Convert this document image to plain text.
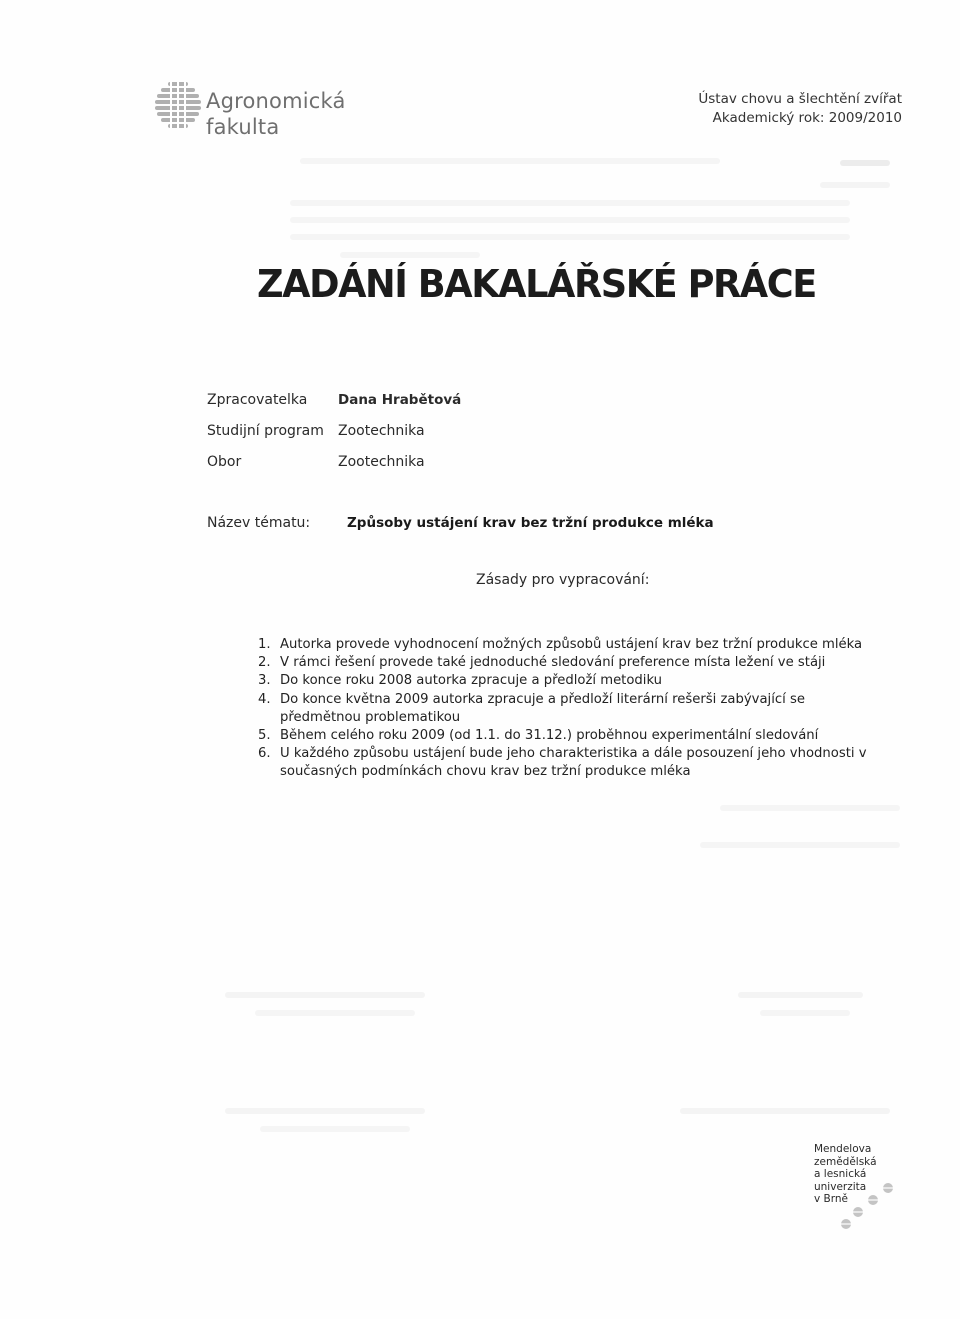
Agronomická
fakulta
Ústav chovu a šlechtění zvířat
Akademický rok: 2009/2010
ZADÁNÍ BAKALÁŘSKÉ PRÁCE
Zpracovatelka Dana Hrabětová
Studijní program Zootechnika
Obor	Zootechnika
Název tématu:	Způsoby ustájení krav bez tržní produkce mléka
Zásady pro vypracování:
1. Autorka provede vyhodnocení možných způsobů ustájení krav bez tržní produkce mléka
2. V rámci řešení provede také jednoduché sledování preference místa ležení ve stáji
3. Do konce roku 2008 autorka zpracuje a předloží metodiku
4. Do konce května 2009 autorka zpracuje a předloží literární rešerši zabývající se předmětnou problematikou
5. Během celého roku 2009 (od 1.1. do 31.12.) proběhnou experimentální sledování
6. U každého způsobu ustájení bude jeho charakteristika a dále posouzení jeho vhodnosti v současných podmínkách chovu krav bez tržní produkce mléka
Mendelova
zemědělská
a lesnická
univerzita
v Brně
